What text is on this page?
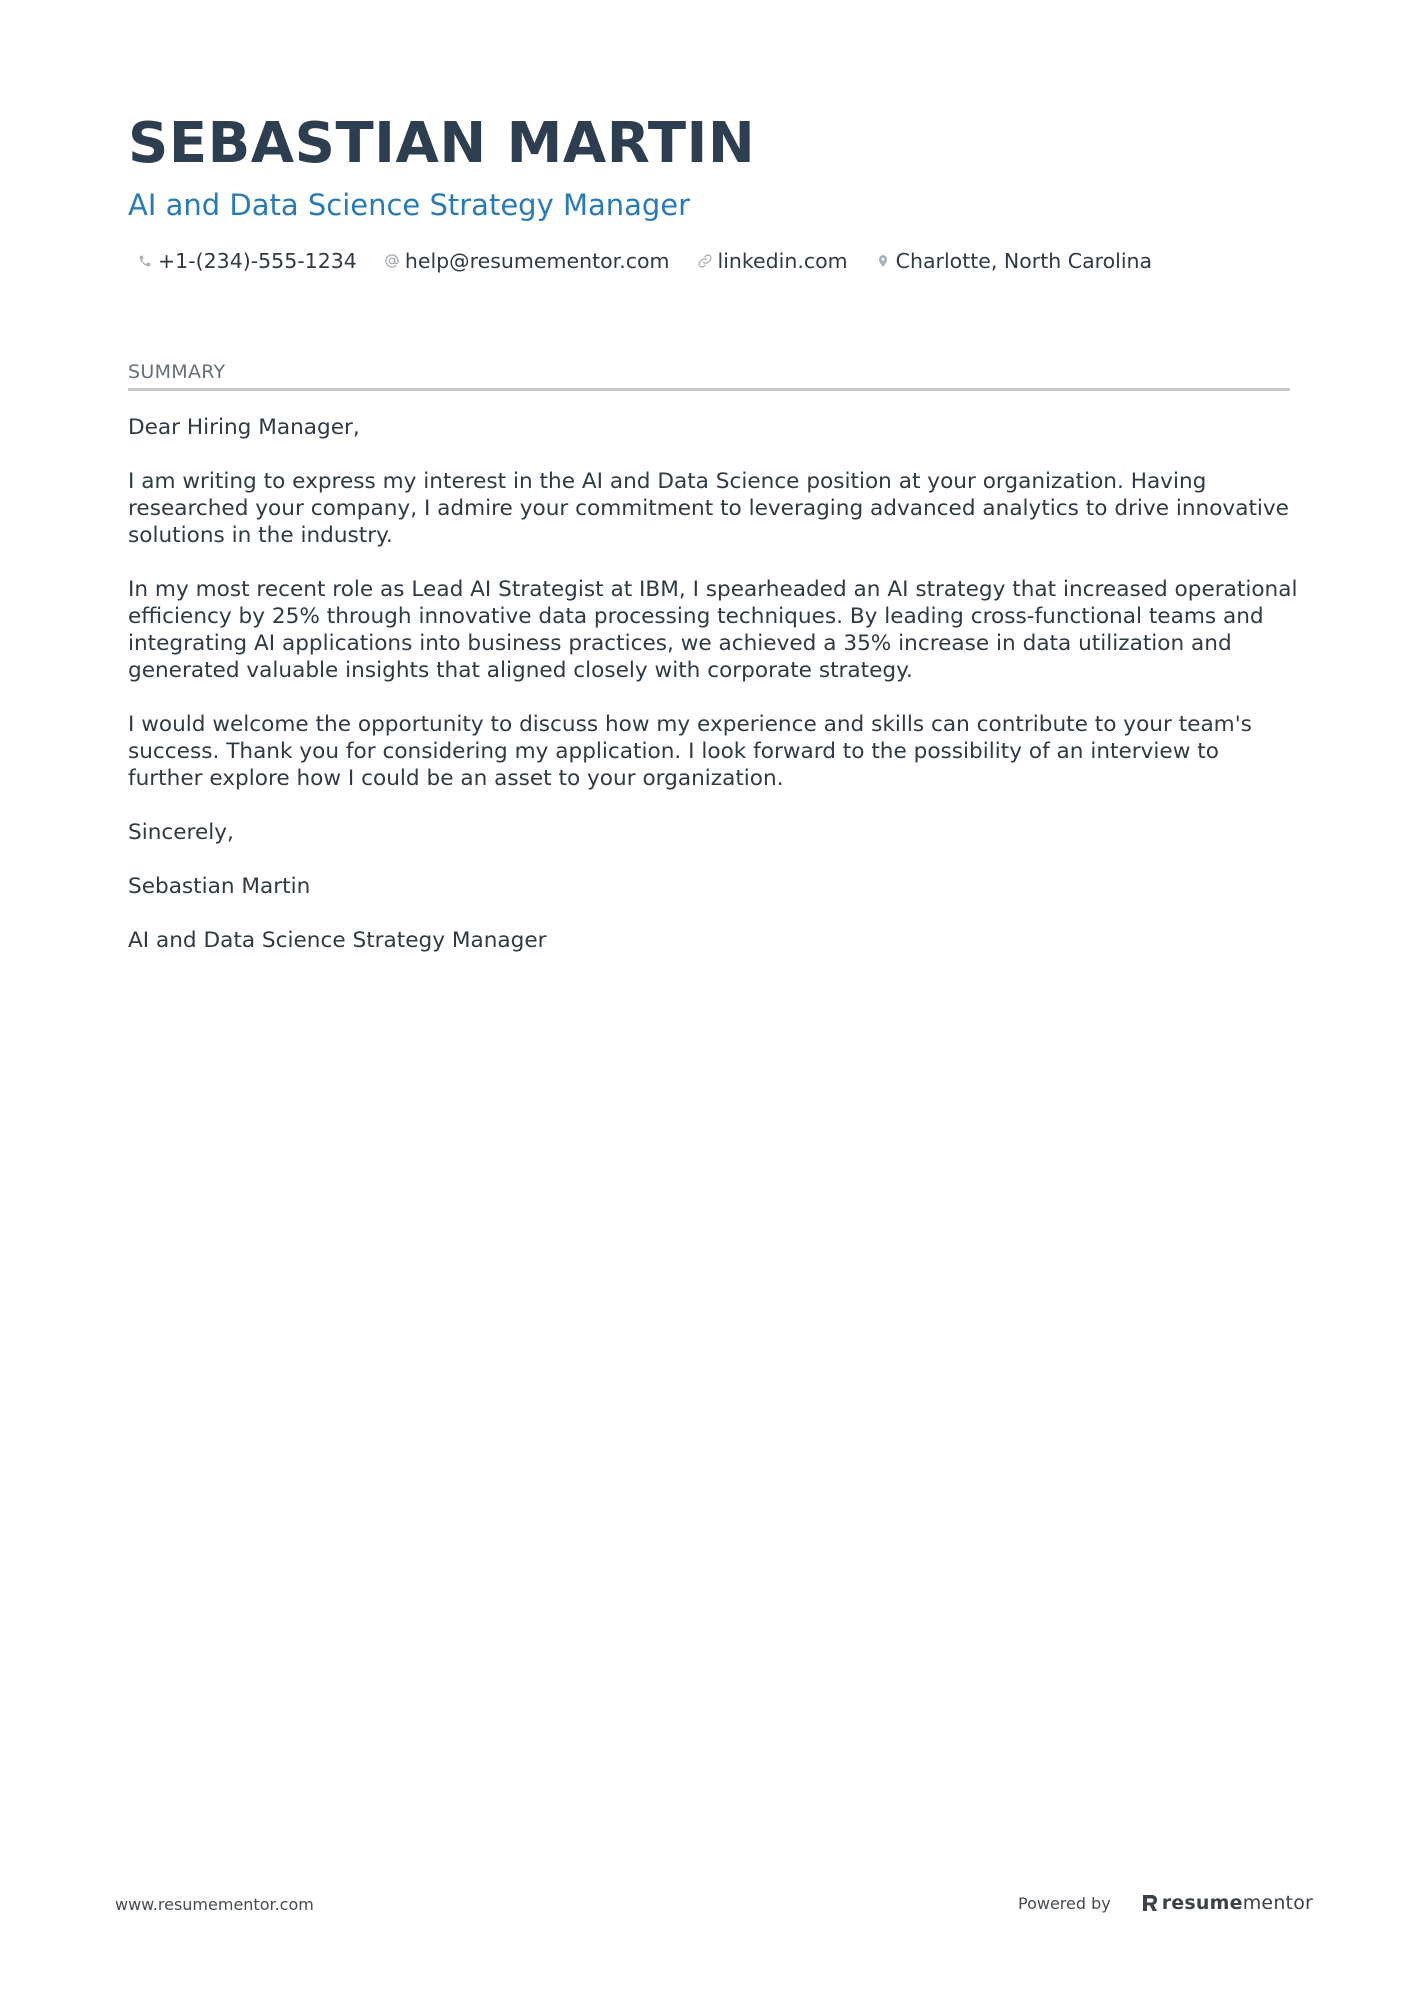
SEBASTIAN MARTIN
AI and Data Science Strategy Manager
+1-(234)-555-1234 help@resumementor.com linkedin.com Charlotte, North Carolina
SUMMARY

Dear Hiring Manager,

I am writing to express my interest in the AI and Data Science position at your organization. Having researched your company, I admire your commitment to leveraging advanced analytics to drive innovative solutions in the industry.

In my most recent role as Lead AI Strategist at IBM, I spearheaded an AI strategy that increased operational efficiency by 25% through innovative data processing techniques. By leading cross-functional teams and integrating AI applications into business practices, we achieved a 35% increase in data utilization and generated valuable insights that aligned closely with corporate strategy.

I would welcome the opportunity to discuss how my experience and skills can contribute to your team's success. Thank you for considering my application. I look forward to the possibility of an interview to further explore how I could be an asset to your organization.

Sincerely,

Sebastian Martin

AI and Data Science Strategy Manager

www.resumementor.com	Powered by	resumementor
